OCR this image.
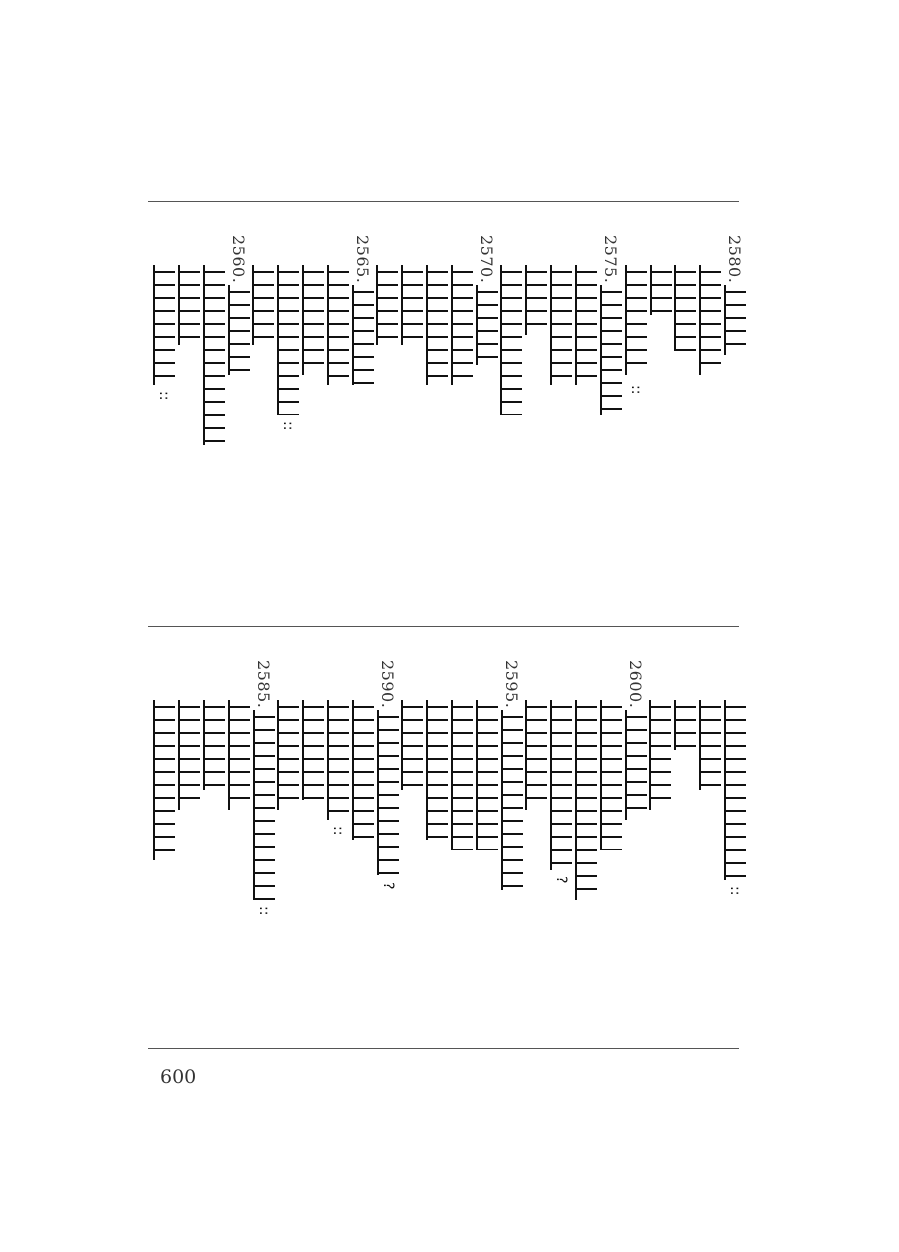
2580.
::
2575.
2570.
2565.
::
2560.
::
::
2600.
?
2595.
2590.
?
::
2585.
::
600
